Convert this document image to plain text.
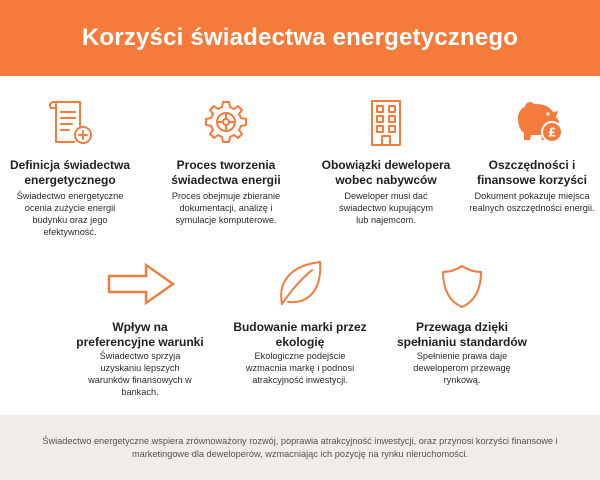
Korzyści świadectwa energetycznego
Definicja świadectwa energetycznego
Świadectwo energetyczne ocenia zużycie energii budynku oraz jego efektywność.
Proces tworzenia świadectwa energii
Proces obejmuje zbieranie dokumentacji, analizę i symulacje komputerowe.
Obowiązki dewelopera wobec nabywców
Deweloper musi dać świadectwo kupującym lub najemcom.
£
Oszczędności i finansowe korzyści
Dokument pokazuje miejsca realnych oszczędności energii.
Wpływ na preferencyjne warunki
Świadectwo sprzyja uzyskaniu lepszych warunków finansowych w bankach.
Budowanie marki przez ekologię
Ekologiczne podejście wzmacnia markę i podnosi atrakcyjność inwestycji.
Przewaga dzięki spełnianiu standardów
Spełnienie prawa daje deweloperom przewagę rynkową.

Świadectwo energetyczne wspiera zrównoważony rozwój, poprawia atrakcyjność inwestycji, oraz przynosi korzyści finansowe i marketingowe dla deweloperów, wzmacniając ich pozycję na rynku nieruchomości.
